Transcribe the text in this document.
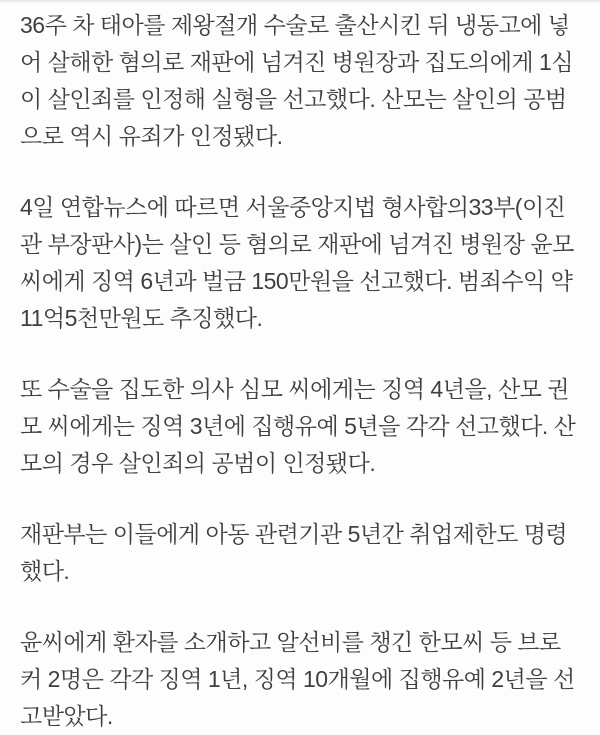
36주 차 태아를 제왕절개 수술로 출산시킨 뒤 냉동고에 넣어 살해한 혐의로 재판에 넘겨진 병원장과 집도의에게 1심이 살인죄를 인정해 실형을 선고했다. 산모는 살인의 공범으로 역시 유죄가 인정됐다.

4일 연합뉴스에 따르면 서울중앙지법 형사합의33부(이진관 부장판사)는 살인 등 혐의로 재판에 넘겨진 병원장 윤모 씨에게 징역 6년과 벌금 150만원을 선고했다. 범죄수익 약 11억5천만원도 추징했다.

또 수술을 집도한 의사 심모 씨에게는 징역 4년을, 산모 권모 씨에게는 징역 3년에 집행유예 5년을 각각 선고했다. 산모의 경우 살인죄의 공범이 인정됐다.

재판부는 이들에게 아동 관련기관 5년간 취업제한도 명령했다.

윤씨에게 환자를 소개하고 알선비를 챙긴 한모씨 등 브로커 2명은 각각 징역 1년, 징역 10개월에 집행유예 2년을 선고받았다.
